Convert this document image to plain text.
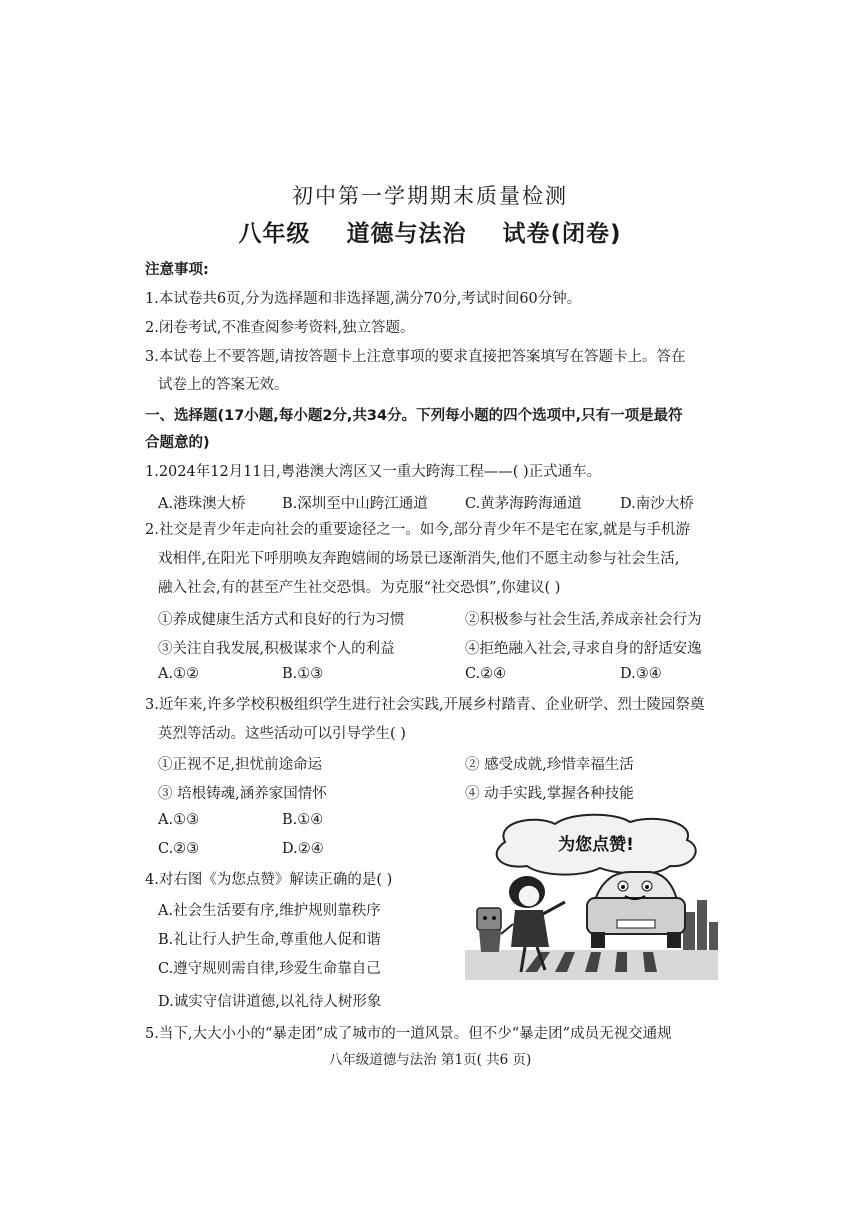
初中第一学期期末质量检测
八年级 道德与法治 试卷(闭卷)
注意事项:
1.本试卷共6页,分为选择题和非选择题,满分70分,考试时间60分钟。
2.闭卷考试,不准查阅参考资料,独立答题。
3.本试卷上不要答题,请按答题卡上注意事项的要求直接把答案填写在答题卡上。答在
试卷上的答案无效。
一、选择题(17小题,每小题2分,共34分。下列每小题的四个选项中,只有一项是最符
合题意的)
1.2024年12月11日,粤港澳大湾区又一重大跨海工程——( )正式通车。
A.港珠澳大桥	B.深圳至中山跨江通道	C.黄茅海跨海通道	D.南沙大桥
2.社交是青少年走向社会的重要途径之一。如今,部分青少年不是宅在家,就是与手机游
戏相伴,在阳光下呼朋唤友奔跑嬉闹的场景已逐渐消失,他们不愿主动参与社会生活,
融入社会,有的甚至产生社交恐惧。为克服“社交恐惧”,你建议( )
①养成健康生活方式和良好的行为习惯	②积极参与社会生活,养成亲社会行为
③关注自我发展,积极谋求个人的利益	④拒绝融入社会,寻求自身的舒适安逸
A.①②	B.①③	C.②④	D.③④
3.近年来,许多学校积极组织学生进行社会实践,开展乡村踏青、企业研学、烈士陵园祭奠
英烈等活动。这些活动可以引导学生( )
①正视不足,担忧前途命运	② 感受成就,珍惜幸福生活
③ 培根铸魂,涵养家国情怀	④ 动手实践,掌握各种技能
A.①③	B.①④
C.②③	D.②④
4.对右图《为您点赞》解读正确的是( )
A.社会生活要有序,维护规则靠秩序
B.礼让行人护生命,尊重他人促和谐
C.遵守规则需自律,珍爱生命靠自己
D.诚实守信讲道德,以礼待人树形象
为您点赞!
5.当下,大大小小的“暴走团”成了城市的一道风景。但不少“暴走团”成员无视交通规
八年级道德与法治 第1页( 共6 页)
